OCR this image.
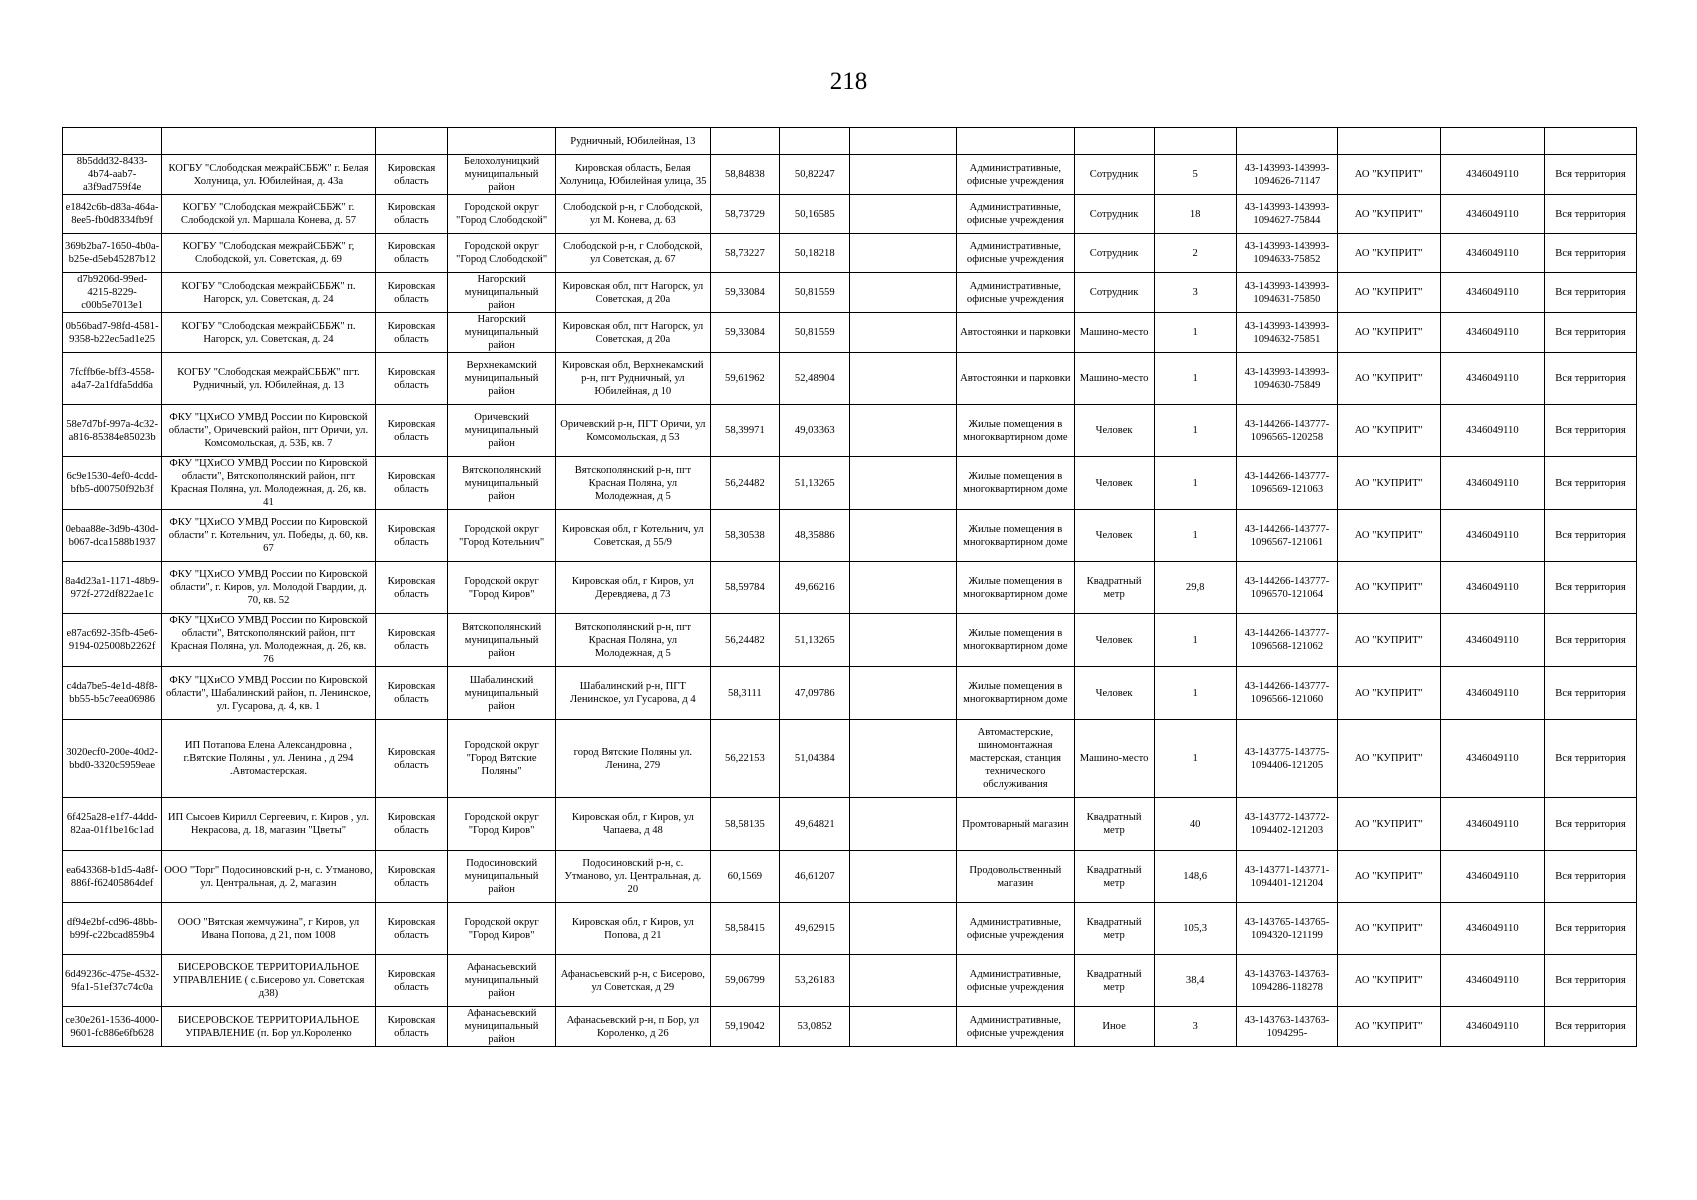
218
				Рудничный, Юбилейная, 13										
8b5ddd32-8433-4b74-aab7-a3f9ad759f4e	КОГБУ "Слободская межрайСББЖ" г. Белая Холуница, ул. Юбилейная, д. 43а	Кировская область	Белохолуницкий муниципальный район	Кировская область, Белая Холуница, Юбилейная улица, 35	58,84838	50,82247		Административные, офисные учреждения	Сотрудник	5	43-143993-143993-1094626-71147	АО "КУПРИТ"	4346049110	Вся территория
e1842c6b-d83a-464a-8ee5-fb0d8334fb9f	КОГБУ "Слободская межрайСББЖ" г. Слободской ул. Маршала Конева, д. 57	Кировская область	Городской округ "Город Слободской"	Слободской р-н, г Слободской, ул М. Конева, д. 63	58,73729	50,16585		Административные, офисные учреждения	Сотрудник	18	43-143993-143993-1094627-75844	АО "КУПРИТ"	4346049110	Вся территория
369b2ba7-1650-4b0a-b25e-d5eb45287b12	КОГБУ "Слободская межрайСББЖ" г, Слободской, ул. Советская, д. 69	Кировская область	Городской округ "Город Слободской"	Слободской р-н, г Слободской, ул Советская, д. 67	58,73227	50,18218		Административные, офисные учреждения	Сотрудник	2	43-143993-143993-1094633-75852	АО "КУПРИТ"	4346049110	Вся территория
d7b9206d-99ed-4215-8229-c00b5e7013e1	КОГБУ "Слободская межрайСББЖ" п. Нагорск, ул. Советская, д. 24	Кировская область	Нагорский муниципальный район	Кировская обл, пгт Нагорск, ул Советская, д 20а	59,33084	50,81559		Административные, офисные учреждения	Сотрудник	3	43-143993-143993-1094631-75850	АО "КУПРИТ"	4346049110	Вся территория
0b56bad7-98fd-4581-9358-b22ec5ad1e25	КОГБУ "Слободская межрайСББЖ" п. Нагорск, ул. Советская, д. 24	Кировская область	Нагорский муниципальный район	Кировская обл, пгт Нагорск, ул Советская, д 20а	59,33084	50,81559		Автостоянки и парковки	Машино-место	1	43-143993-143993-1094632-75851	АО "КУПРИТ"	4346049110	Вся территория
7fcffb6e-bff3-4558-a4a7-2a1fdfa5dd6a	КОГБУ "Слободская межрайСББЖ" пгт. Рудничный, ул. Юбилейная, д. 13	Кировская область	Верхнекамский муниципальный район	Кировская обл, Верхнекамский р-н, пгт Рудничный, ул Юбилейная, д 10	59,61962	52,48904		Автостоянки и парковки	Машино-место	1	43-143993-143993-1094630-75849	АО "КУПРИТ"	4346049110	Вся территория
58e7d7bf-997a-4c32-a816-85384e85023b	ФКУ "ЦХиСО УМВД России по Кировской области", Оричевский район, пгт Оричи, ул. Комсомольская, д. 53Б, кв. 7	Кировская область	Оричевский муниципальный район	Оричевский р-н, ПГТ Оричи, ул Комсомольская, д 53	58,39971	49,03363		Жилые помещения в многоквартирном доме	Человек	1	43-144266-143777-1096565-120258	АО "КУПРИТ"	4346049110	Вся территория
6c9e1530-4ef0-4cdd-bfb5-d00750f92b3f	ФКУ "ЦХиСО УМВД России по Кировской области", Вятскополянский район, пгт Красная Поляна, ул. Молодежная, д. 26, кв. 41	Кировская область	Вятскополянский муниципальный район	Вятскополянский р-н, пгт Красная Поляна, ул Молодежная, д 5	56,24482	51,13265		Жилые помещения в многоквартирном доме	Человек	1	43-144266-143777-1096569-121063	АО "КУПРИТ"	4346049110	Вся территория
0ebaa88e-3d9b-430d-b067-dca1588b1937	ФКУ "ЦХиСО УМВД России по Кировской области" г. Котельнич, ул. Победы, д. 60, кв. 67	Кировская область	Городской округ "Город Котельнич"	Кировская обл, г Котельнич, ул Советская, д 55/9	58,30538	48,35886		Жилые помещения в многоквартирном доме	Человек	1	43-144266-143777-1096567-121061	АО "КУПРИТ"	4346049110	Вся территория
8a4d23a1-1171-48b9-972f-272df822ae1c	ФКУ "ЦХиСО УМВД России по Кировской области", г. Киров, ул. Молодой Гвардии, д. 70, кв. 52	Кировская область	Городской округ "Город Киров"	Кировская обл, г Киров, ул Деревдяева, д 73	58,59784	49,66216		Жилые помещения в многоквартирном доме	Квадратный метр	29,8	43-144266-143777-1096570-121064	АО "КУПРИТ"	4346049110	Вся территория
e87ac692-35fb-45e6-9194-025008b2262f	ФКУ "ЦХиСО УМВД России по Кировской области", Вятскополянский район, пгт Красная Поляна, ул. Молодежная, д. 26, кв. 76	Кировская область	Вятскополянский муниципальный район	Вятскополянский р-н, пгт Красная Поляна, ул Молодежная, д 5	56,24482	51,13265		Жилые помещения в многоквартирном доме	Человек	1	43-144266-143777-1096568-121062	АО "КУПРИТ"	4346049110	Вся территория
c4da7be5-4e1d-48f8-bb55-b5c7eea06986	ФКУ "ЦХиСО УМВД России по Кировской области", Шабалинский район, п. Ленинское, ул. Гусарова, д. 4, кв. 1	Кировская область	Шабалинский муниципальный район	Шабалинский р-н, ПГТ Ленинское, ул Гусарова, д 4	58,3111	47,09786		Жилые помещения в многоквартирном доме	Человек	1	43-144266-143777-1096566-121060	АО "КУПРИТ"	4346049110	Вся территория
3020ecf0-200e-40d2-bbd0-3320c5959eae	ИП Потапова Елена Александровна , г.Вятские Поляны , ул. Ленина , д 294 .Автомастерская.	Кировская область	Городской округ "Город Вятские Поляны"	город Вятские Поляны ул. Ленина, 279	56,22153	51,04384		Автомастерские, шиномонтажная мастерская, станция технического обслуживания	Машино-место	1	43-143775-143775-1094406-121205	АО "КУПРИТ"	4346049110	Вся территория
6f425a28-e1f7-44dd-82aa-01f1be16c1ad	ИП Сысоев Кирилл Сергеевич, г. Киров , ул. Некрасова, д. 18, магазин "Цветы"	Кировская область	Городской округ "Город Киров"	Кировская обл, г Киров, ул Чапаева, д 48	58,58135	49,64821		Промтоварный магазин	Квадратный метр	40	43-143772-143772-1094402-121203	АО "КУПРИТ"	4346049110	Вся территория
ea643368-b1d5-4a8f-886f-f62405864def	ООО "Торг" Подосиновский р-н, с. Утманово, ул. Центральная, д. 2, магазин	Кировская область	Подосиновский муниципальный район	Подосиновский р-н, с. Утманово, ул. Центральная, д. 20	60,1569	46,61207		Продовольственный магазин	Квадратный метр	148,6	43-143771-143771-1094401-121204	АО "КУПРИТ"	4346049110	Вся территория
df94e2bf-cd96-48bb-b99f-c22bcad859b4	ООО "Вятская жемчужина", г Киров, ул Ивана Попова, д 21, пом 1008	Кировская область	Городской округ "Город Киров"	Кировская обл, г Киров, ул Попова, д 21	58,58415	49,62915		Административные, офисные учреждения	Квадратный метр	105,3	43-143765-143765-1094320-121199	АО "КУПРИТ"	4346049110	Вся территория
6d49236c-475e-4532-9fa1-51ef37c74c0a	БИСЕРОВСКОЕ ТЕРРИТОРИАЛЬНОЕ УПРАВЛЕНИЕ ( с.Бисерово ул. Советская д38)	Кировская область	Афанасьевский муниципальный район	Афанасьевский р-н, с Бисерово, ул Советская, д 29	59,06799	53,26183		Административные, офисные учреждения	Квадратный метр	38,4	43-143763-143763-1094286-118278	АО "КУПРИТ"	4346049110	Вся территория
ce30e261-1536-4000-9601-fc886e6fb628	БИСЕРОВСКОЕ ТЕРРИТОРИАЛЬНОЕ УПРАВЛЕНИЕ (п. Бор ул.Короленко	Кировская область	Афанасьевский муниципальный район	Афанасьевский р-н, п Бор, ул Короленко, д 26	59,19042	53,0852		Административные, офисные учреждения	Иное	3	43-143763-143763-1094295-	АО "КУПРИТ"	4346049110	Вся территория
